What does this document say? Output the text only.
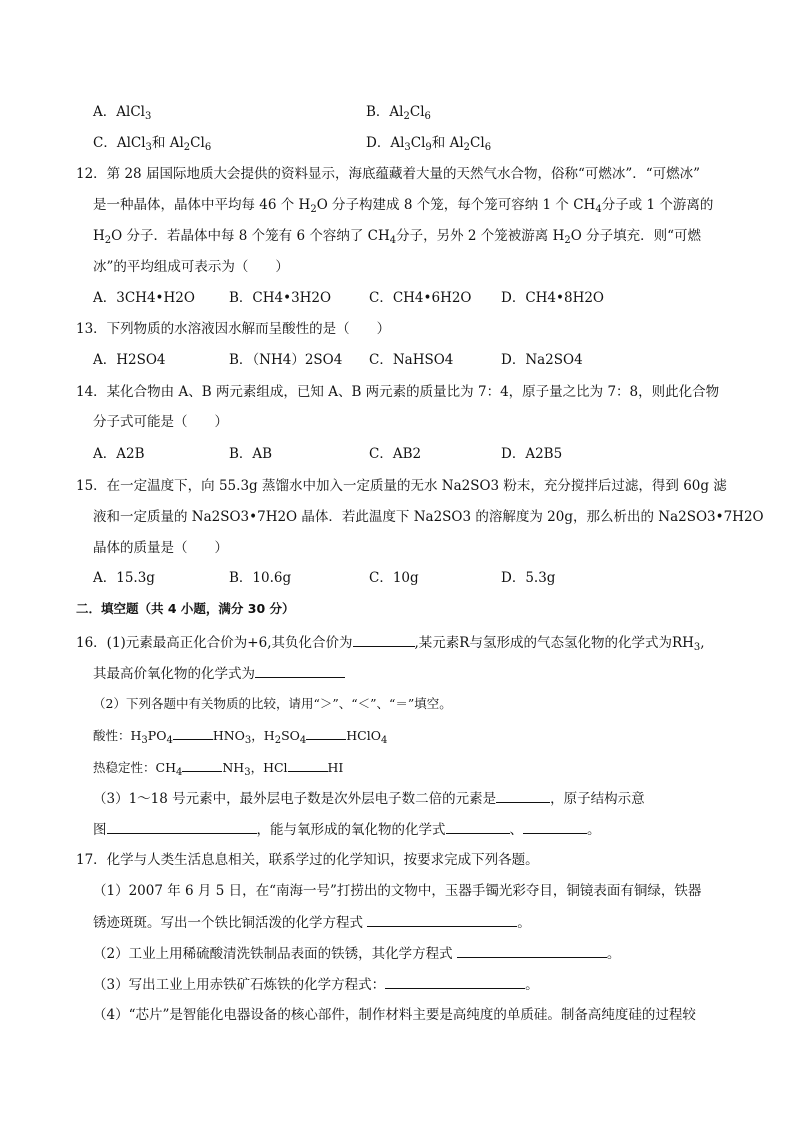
A．AlCl$_3$	B．$Al_2Cl_6$
C．AlCl$_3$和 $Al_2Cl_6$	D．$Al_3Cl_9$和 $Al_2Cl_6$
12．第 28 届国际地质大会提供的资料显示，海底蕴藏着大量的天然气水合物，俗称“可燃冰”．“可燃冰”
是一种晶体，晶体中平均每 46 个 $H_2O$ 分子构建成 8 个笼，每个笼可容纳 1 个 $CH_4$分子或 1 个游离的
$H_2O$ 分子．若晶体中每 8 个笼有 6 个容纳了 $CH_4$分子，另外 2 个笼被游离 $H_2O$ 分子填充．则“可燃
冰”的平均组成可表示为（　　）
A．3CH4•H2O	B．CH4•3H2O	C．CH4•6H2O D．CH4•8H2O
13．下列物质的水溶液因水解而呈酸性的是（　　）
A．H2SO4	B．（NH4）2SO4 C．NaHSO4	D．Na2SO4
14．某化合物由 A、B 两元素组成，已知 A、B 两元素的质量比为 7：4，原子量之比为 7：8，则此化合物
分子式可能是（　　）
A．A2B	B．AB	C．AB2	D．A2B5
15．在一定温度下，向 55.3g 蒸馏水中加入一定质量的无水 Na2SO3 粉末，充分搅拌后过滤，得到 60g 滤
液和一定质量的 Na2SO3•7H2O 晶体．若此温度下 Na2SO3 的溶解度为 20g，那么析出的 Na2SO3•7H2O
晶体的质量是（　　）
A．15.3g	B．10.6g	C．10g	D．5.3g
二．填空题（共 4 小题，满分 30 分）
16．(1)元素最高正化合价为+6,其负化合价为	,某元素R与氢形成的气态氢化物的化学式为$RH_3$,
其最高价氧化物的化学式为
（2）下列各题中有关物质的比较，请用“＞”、“＜”、“＝”填空。
酸性：$H_3PO_4$	$HNO_3$，$H_2SO_4$	HClO$_4$
热稳定性：$CH_4$	$NH_3$，HCl	HI
（3）1～18 号元素中，最外层电子数是次外层电子数二倍的元素是	，原子结构示意
图	，能与氧形成的氧化物的化学式	、	。
17．化学与人类生活息息相关，联系学过的化学知识，按要求完成下列各题。
（1）2007 年 6 月 5 日，在“南海一号”打捞出的文物中，玉器手镯光彩夺目，铜镜表面有铜绿，铁器
锈迹斑斑。写出一个铁比铜活泼的化学方程式	。
（2）工业上用稀硫酸清洗铁制品表面的铁锈，其化学方程式	。
（3）写出工业上用赤铁矿石炼铁的化学方程式：	。
（4）“芯片”是智能化电器设备的核心部件，制作材料主要是高纯度的单质硅。制备高纯度硅的过程较
